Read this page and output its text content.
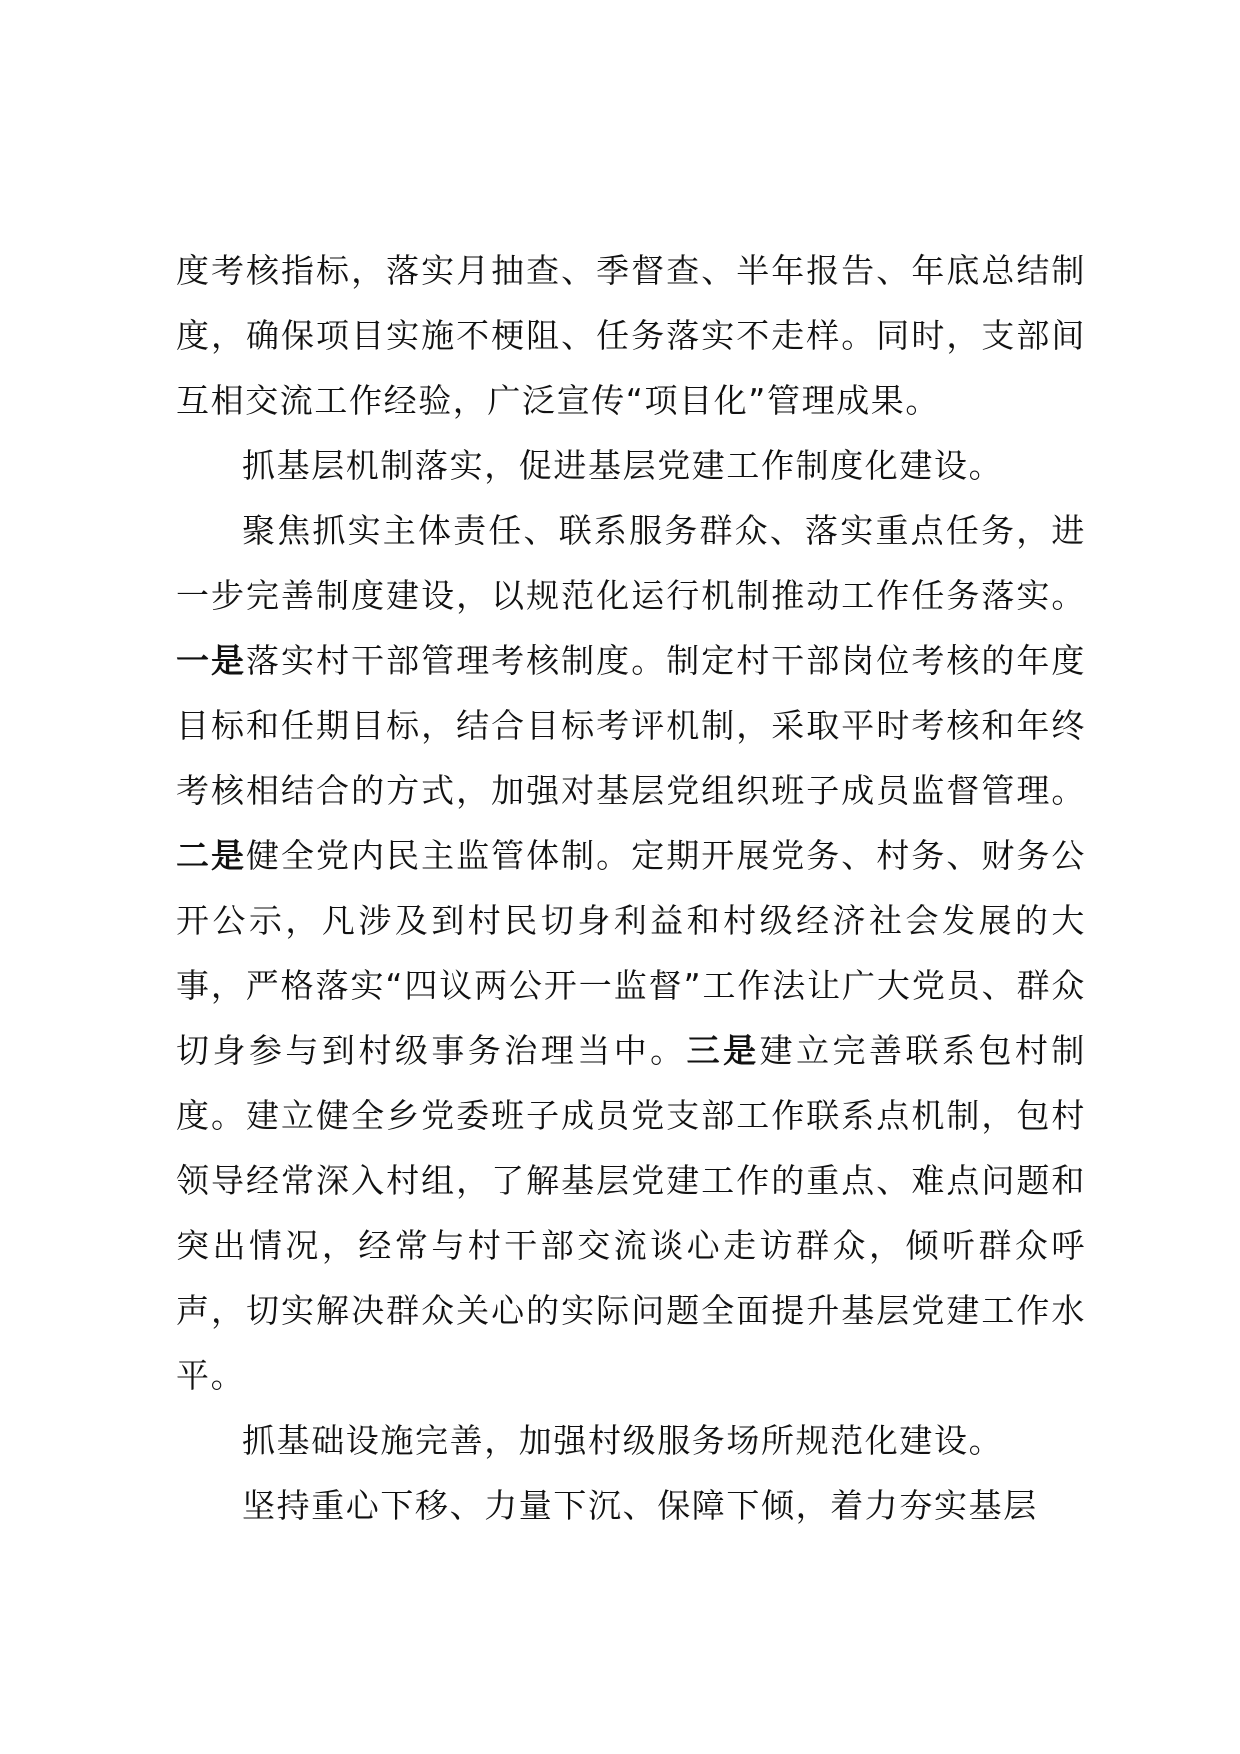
度考核指标，落实月抽查、季督查、半年报告、年底总结制度，确保项目实施不梗阻、任务落实不走样。同时，支部间互相交流工作经验，广泛宣传“项目化”管理成果。

抓基层机制落实，促进基层党建工作制度化建设。

聚焦抓实主体责任、联系服务群众、落实重点任务，进一步完善制度建设，以规范化运行机制推动工作任务落实。一是落实村干部管理考核制度。制定村干部岗位考核的年度目标和任期目标，结合目标考评机制，采取平时考核和年终考核相结合的方式，加强对基层党组织班子成员监督管理。二是健全党内民主监管体制。定期开展党务、村务、财务公开公示，凡涉及到村民切身利益和村级经济社会发展的大事，严格落实“四议两公开一监督”工作法让广大党员、群众切身参与到村级事务治理当中。三是建立完善联系包村制度。建立健全乡党委班子成员党支部工作联系点机制，包村领导经常深入村组，了解基层党建工作的重点、难点问题和突出情况，经常与村干部交流谈心走访群众，倾听群众呼声，切实解决群众关心的实际问题全面提升基层党建工作水平。

抓基础设施完善，加强村级服务场所规范化建设。

坚持重心下移、力量下沉、保障下倾，着力夯实基层
